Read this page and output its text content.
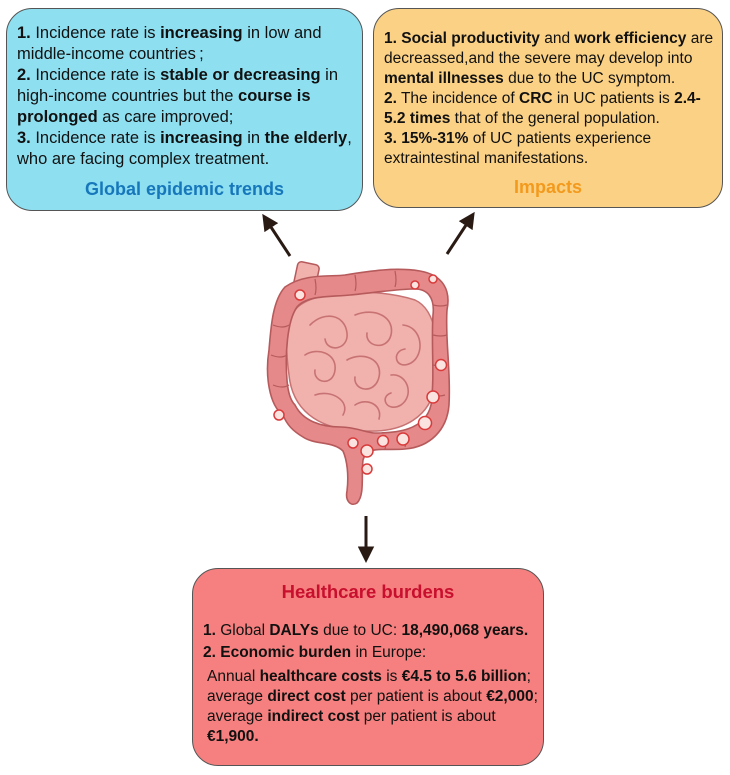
1. Incidence rate is increasing in low and middle-income countries ;

2. Incidence rate is stable or decreasing in high-income countries but the course is prolonged as care improved;

3. Incidence rate is increasing in the elderly, who are facing complex treatment.

Global epidemic trends

1. Social productivity and work efficiency are decreassed,and the severe may develop into mental illnesses due to the UC symptom.

2. The incidence of CRC in UC patients is 2.4-5.2 times that of the general population.

3. 15%-31% of UC patients experience extraintestinal manifestations.

Impacts
Healthcare burdens

1. Global DALYs due to UC: 18,490,068 years.

2. Economic burden in Europe:

Annual healthcare costs is €4.5 to 5.6 billion;

average direct cost per patient is about €2,000;

average indirect cost per patient is about €1,900.
